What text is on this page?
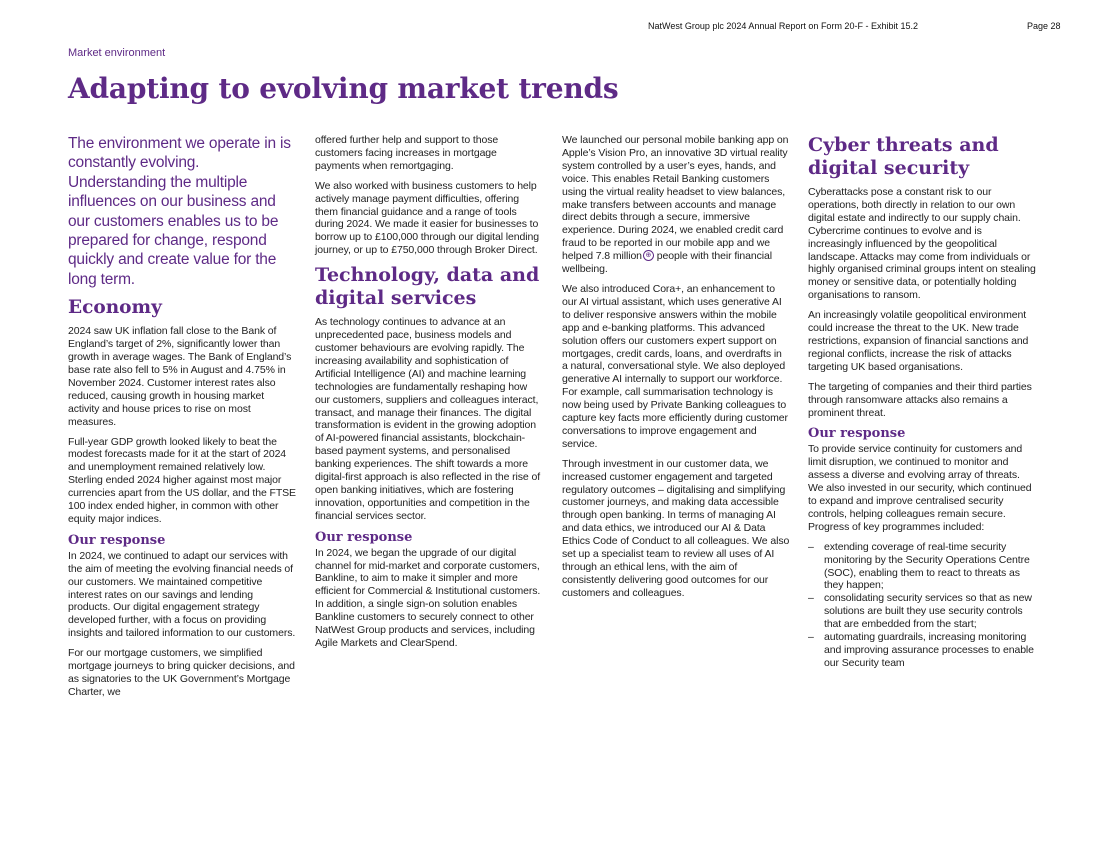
NatWest Group plc 2024 Annual Report on Form 20-F - Exhibit 15.2	Page 28
Market environment
Adapting to evolving market trends

The environment we operate in is constantly evolving. Understanding the multiple influences on our business and our customers enables us to be prepared for change, respond quickly and create value for the long term.

Economy

2024 saw UK inflation fall close to the Bank of England’s target of 2%, significantly lower than growth in average wages. The Bank of England’s base rate also fell to 5% in August and 4.75% in November 2024. Customer interest rates also reduced, causing growth in housing market activity and house prices to rise on most measures.

Full-year GDP growth looked likely to beat the modest forecasts made for it at the start of 2024 and unemployment remained relatively low. Sterling ended 2024 higher against most major currencies apart from the US dollar, and the FTSE 100 index ended higher, in common with other equity major indices.

Our response

In 2024, we continued to adapt our services with the aim of meeting the evolving financial needs of our customers. We maintained competitive interest rates on our savings and lending products. Our digital engagement strategy developed further, with a focus on providing insights and tailored information to our customers.

For our mortgage customers, we simplified mortgage journeys to bring quicker decisions, and as signatories to the UK Government’s Mortgage Charter, we

offered further help and support to those customers facing increases in mortgage payments when remortgaging.

We also worked with business customers to help actively manage payment difficulties, offering them financial guidance and a range of tools during 2024. We made it easier for businesses to borrow up to £100,000 through our digital lending journey, or up to £750,000 through Broker Direct.

Technology, data and digital services

As technology continues to advance at an unprecedented pace, business models and customer behaviours are evolving rapidly. The increasing availability and sophistication of Artificial Intelligence (AI) and machine learning technologies are fundamentally reshaping how our customers, suppliers and colleagues interact, transact, and manage their finances. The digital transformation is evident in the growing adoption of AI-powered financial assistants, blockchain-based payment systems, and personalised banking experiences. The shift towards a more digital-first approach is also reflected in the rise of open banking initiatives, which are fostering innovation, opportunities and competition in the financial services sector.

Our response

In 2024, we began the upgrade of our digital channel for mid-market and corporate customers, Bankline, to aim to make it simpler and more efficient for Commercial & Institutional customers. In addition, a single sign-on solution enables Bankline customers to securely connect to other NatWest Group products and services, including Agile Markets and ClearSpend.

We launched our personal mobile banking app on Apple’s Vision Pro, an innovative 3D virtual reality system controlled by a user’s eyes, hands, and voice. This enables Retail Banking customers using the virtual reality headset to view balances, make transfers between accounts and manage direct debits through a secure, immersive experience. During 2024, we enabled credit card fraud to be reported in our mobile app and we helped 7.8 million ⊕ people with their financial wellbeing.

We also introduced Cora+, an enhancement to our AI virtual assistant, which uses generative AI to deliver responsive answers within the mobile app and e-banking platforms. This advanced solution offers our customers expert support on mortgages, credit cards, loans, and overdrafts in a natural, conversational style. We also deployed generative AI internally to support our workforce. For example, call summarisation technology is now being used by Private Banking colleagues to capture key facts more efficiently during customer conversations to improve engagement and service.

Through investment in our customer data, we increased customer engagement and targeted regulatory outcomes – digitalising and simplifying customer journeys, and making data accessible through open banking. In terms of managing AI and data ethics, we introduced our AI & Data Ethics Code of Conduct to all colleagues. We also set up a specialist team to review all uses of AI through an ethical lens, with the aim of consistently delivering good outcomes for our customers and colleagues.

Cyber threats and digital security

Cyberattacks pose a constant risk to our operations, both directly in relation to our own digital estate and indirectly to our supply chain. Cybercrime continues to evolve and is increasingly influenced by the geopolitical landscape. Attacks may come from individuals or highly organised criminal groups intent on stealing money or sensitive data, or potentially holding organisations to ransom.

An increasingly volatile geopolitical environment could increase the threat to the UK. New trade restrictions, expansion of financial sanctions and regional conflicts, increase the risk of attacks targeting UK based organisations.

The targeting of companies and their third parties through ransomware attacks also remains a prominent threat.

Our response

To provide service continuity for customers and limit disruption, we continued to monitor and assess a diverse and evolving array of threats. We also invested in our security, which continued to expand and improve centralised security controls, helping colleagues remain secure. Progress of key programmes included:

– extending coverage of real-time security monitoring by the Security Operations Centre (SOC), enabling them to react to threats as they happen;
– consolidating security services so that as new solutions are built they use security controls that are embedded from the start;
– automating guardrails, increasing monitoring and improving assurance processes to enable our Security team
